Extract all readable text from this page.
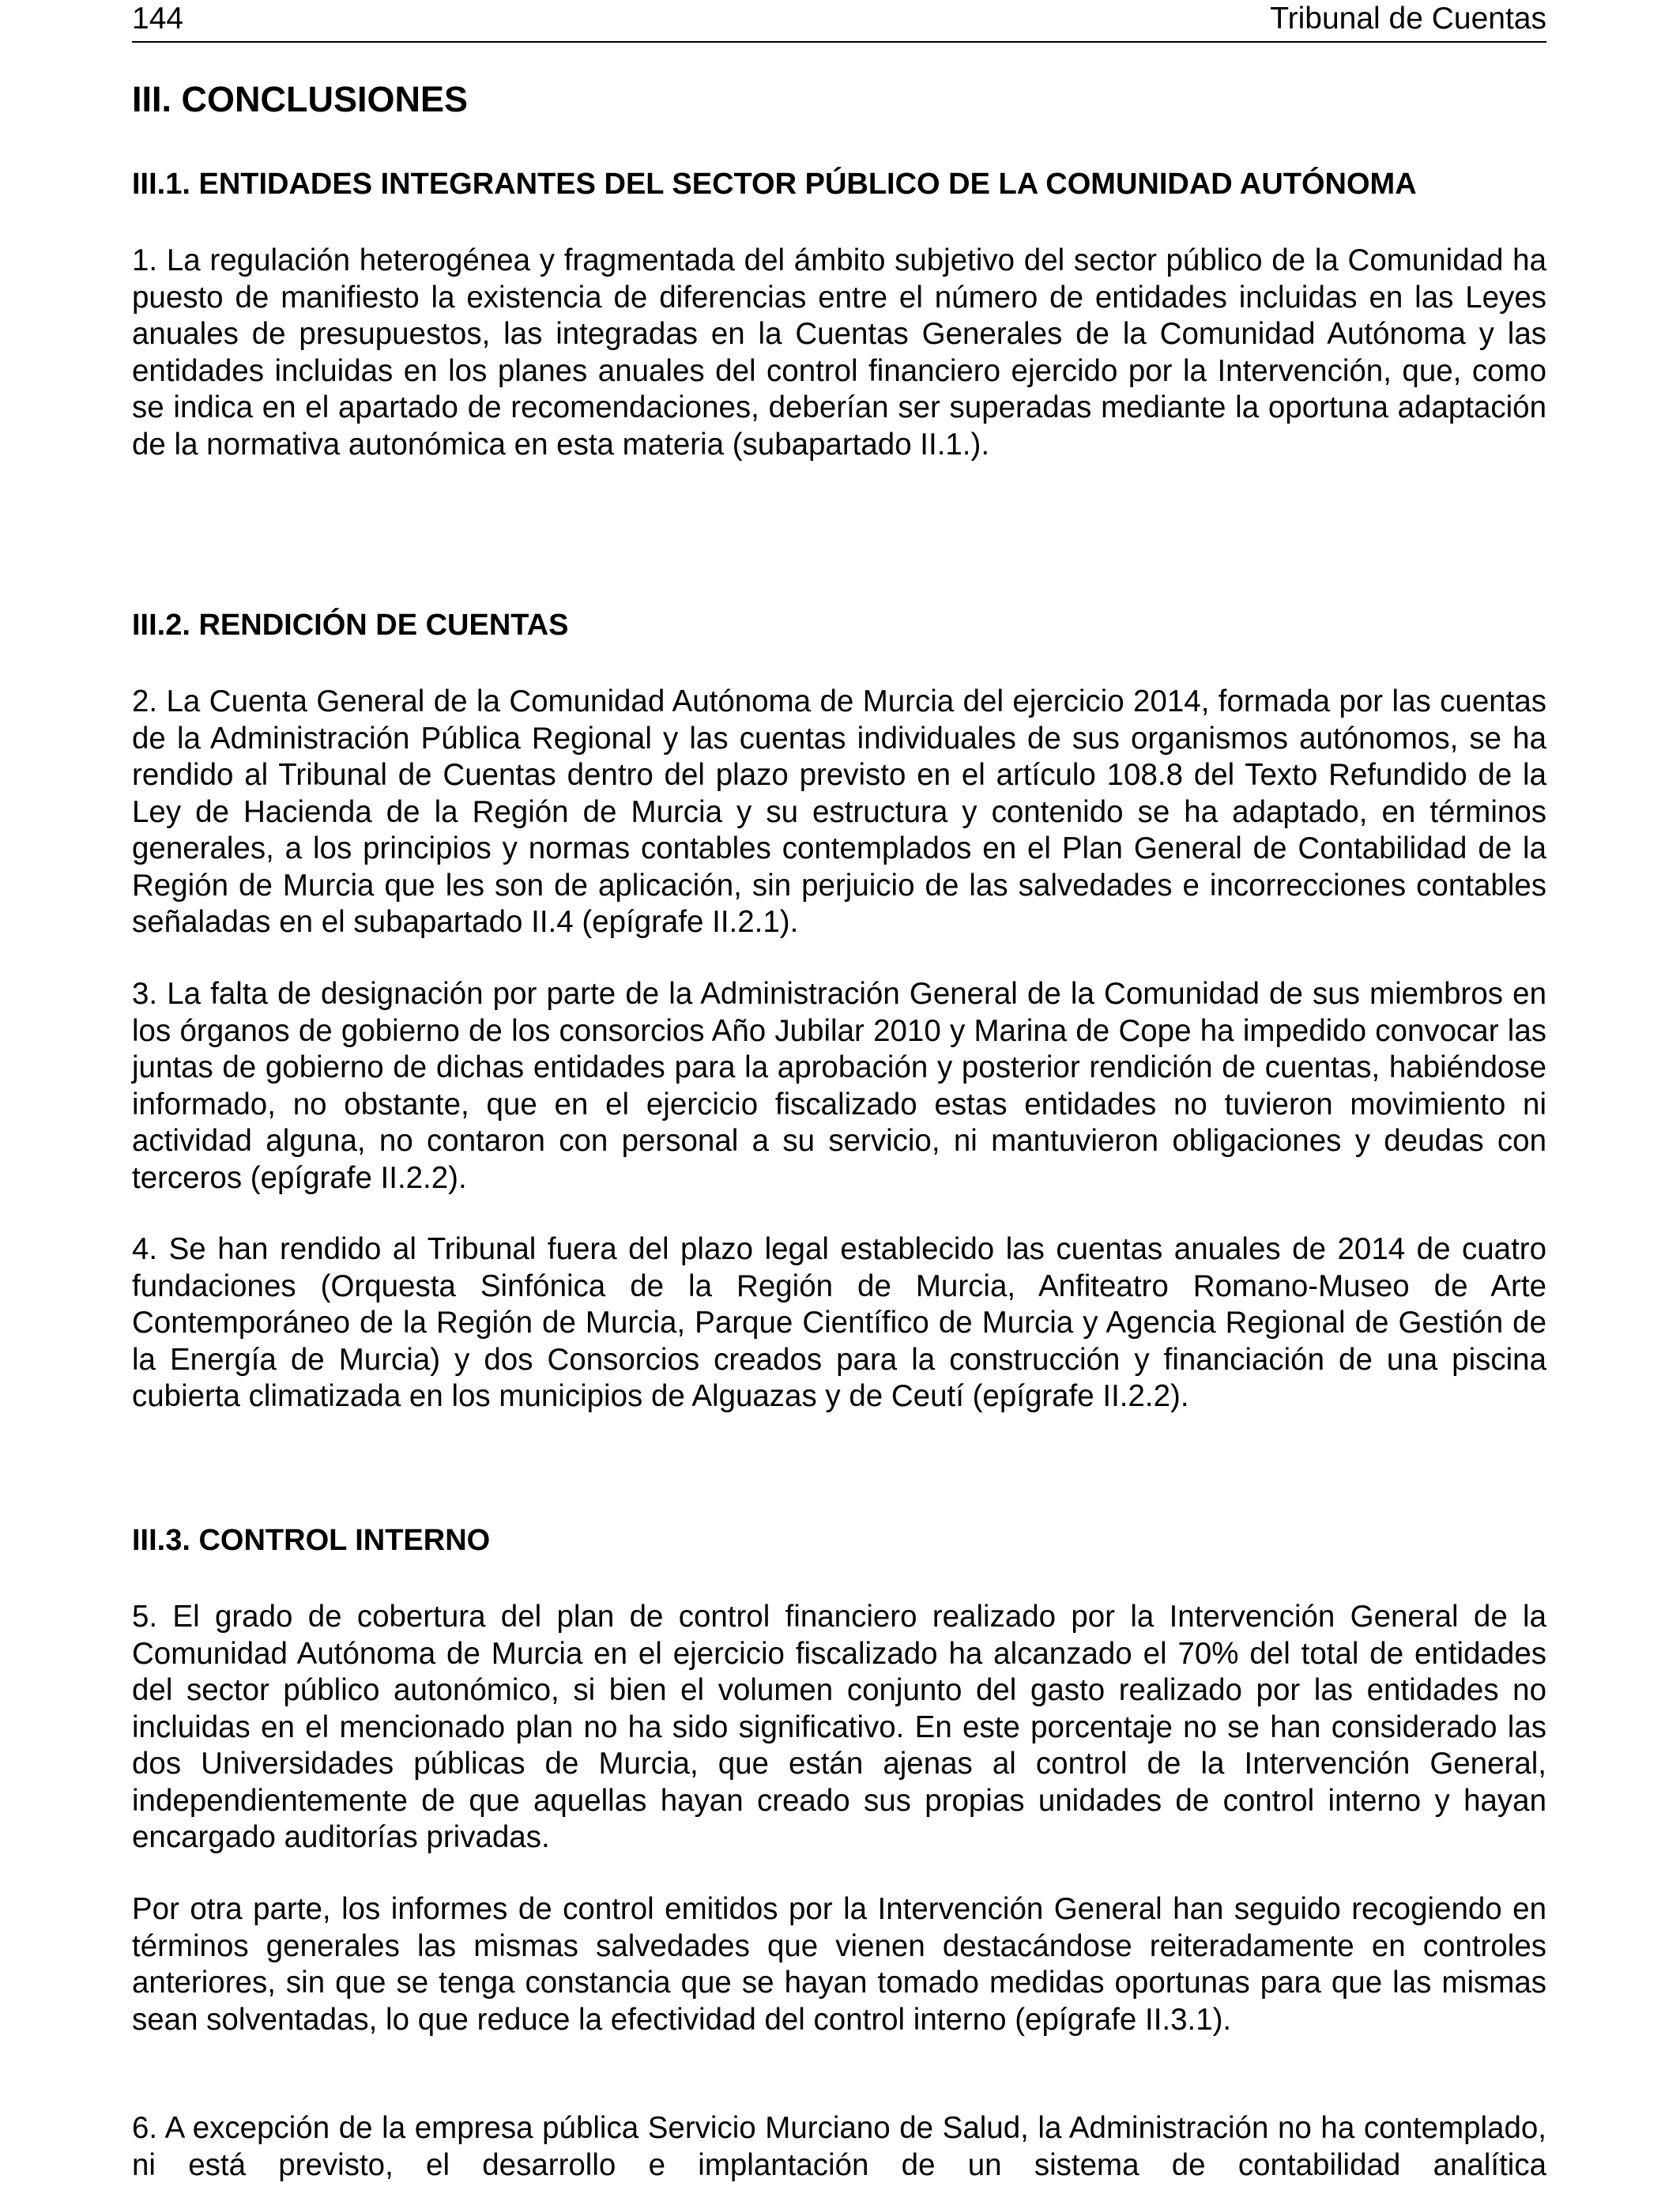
144	Tribunal de Cuentas
III. CONCLUSIONES
III.1. ENTIDADES INTEGRANTES DEL SECTOR PÚBLICO DE LA COMUNIDAD AUTÓNOMA

1. La regulación heterogénea y fragmentada del ámbito subjetivo del sector público de la Comunidad ha puesto de manifiesto la existencia de diferencias entre el número de entidades incluidas en las Leyes anuales de presupuestos, las integradas en la Cuentas Generales de la Comunidad Autónoma y las entidades incluidas en los planes anuales del control financiero ejercido por la Intervención, que, como se indica en el apartado de recomendaciones, deberían ser superadas mediante la oportuna adaptación de la normativa autonómica en esta materia (subapartado II.1.).

III.2. RENDICIÓN DE CUENTAS

2. La Cuenta General de la Comunidad Autónoma de Murcia del ejercicio 2014, formada por las cuentas de la Administración Pública Regional y las cuentas individuales de sus organismos autónomos, se ha rendido al Tribunal de Cuentas dentro del plazo previsto en el artículo 108.8 del Texto Refundido de la Ley de Hacienda de la Región de Murcia y su estructura y contenido se ha adaptado, en términos generales, a los principios y normas contables contemplados en el Plan General de Contabilidad de la Región de Murcia que les son de aplicación, sin perjuicio de las salvedades e incorrecciones contables señaladas en el subapartado II.4 (epígrafe II.2.1).

3. La falta de designación por parte de la Administración General de la Comunidad de sus miembros en los órganos de gobierno de los consorcios Año Jubilar 2010 y Marina de Cope ha impedido convocar las juntas de gobierno de dichas entidades para la aprobación y posterior rendición de cuentas, habiéndose informado, no obstante, que en el ejercicio fiscalizado estas entidades no tuvieron movimiento ni actividad alguna, no contaron con personal a su servicio, ni mantuvieron obligaciones y deudas con terceros (epígrafe II.2.2).

4. Se han rendido al Tribunal fuera del plazo legal establecido las cuentas anuales de 2014 de cuatro fundaciones (Orquesta Sinfónica de la Región de Murcia, Anfiteatro Romano-Museo de Arte Contemporáneo de la Región de Murcia, Parque Científico de Murcia y Agencia Regional de Gestión de la Energía de Murcia) y dos Consorcios creados para la construcción y financiación de una piscina cubierta climatizada en los municipios de Alguazas y de Ceutí (epígrafe II.2.2).

III.3. CONTROL INTERNO

5. El grado de cobertura del plan de control financiero realizado por la Intervención General de la Comunidad Autónoma de Murcia en el ejercicio fiscalizado ha alcanzado el 70% del total de entidades del sector público autonómico, si bien el volumen conjunto del gasto realizado por las entidades no incluidas en el mencionado plan no ha sido significativo. En este porcentaje no se han considerado las dos Universidades públicas de Murcia, que están ajenas al control de la Intervención General, independientemente de que aquellas hayan creado sus propias unidades de control interno y hayan encargado auditorías privadas.

Por otra parte, los informes de control emitidos por la Intervención General han seguido recogiendo en términos generales las mismas salvedades que vienen destacándose reiteradamente en controles anteriores, sin que se tenga constancia que se hayan tomado medidas oportunas para que las mismas sean solventadas, lo que reduce la efectividad del control interno (epígrafe II.3.1).

6. A excepción de la empresa pública Servicio Murciano de Salud, la Administración no ha contemplado, ni está previsto, el desarrollo e implantación de un sistema de contabilidad analítica
